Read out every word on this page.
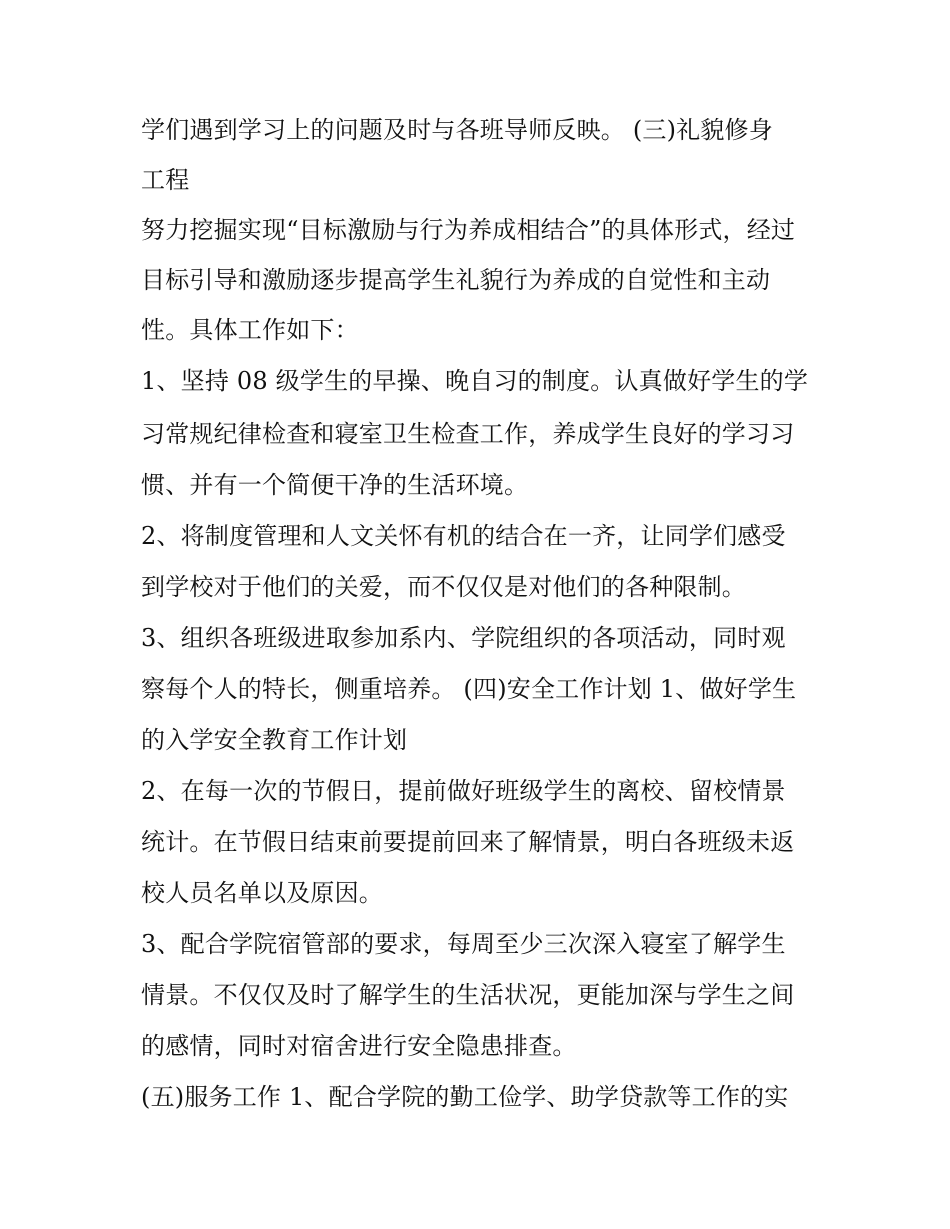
学们遇到学习上的问题及时与各班导师反映。 (三)礼貌修身
工程
努力挖掘实现“目标激励与行为养成相结合”的具体形式，经过
目标引导和激励逐步提高学生礼貌行为养成的自觉性和主动
性。具体工作如下：
1、坚持 08 级学生的早操、晚自习的制度。认真做好学生的学
习常规纪律检查和寝室卫生检查工作，养成学生良好的学习习
惯、并有一个简便干净的生活环境。
2、将制度管理和人文关怀有机的结合在一齐，让同学们感受
到学校对于他们的关爱，而不仅仅是对他们的各种限制。
3、组织各班级进取参加系内、学院组织的各项活动，同时观
察每个人的特长，侧重培养。 (四)安全工作计划 1、做好学生
的入学安全教育工作计划
2、在每一次的节假日，提前做好班级学生的离校、留校情景
统计。在节假日结束前要提前回来了解情景，明白各班级未返
校人员名单以及原因。
3、配合学院宿管部的要求，每周至少三次深入寝室了解学生
情景。不仅仅及时了解学生的生活状况，更能加深与学生之间
的感情，同时对宿舍进行安全隐患排查。
(五)服务工作 1、配合学院的勤工俭学、助学贷款等工作的实
